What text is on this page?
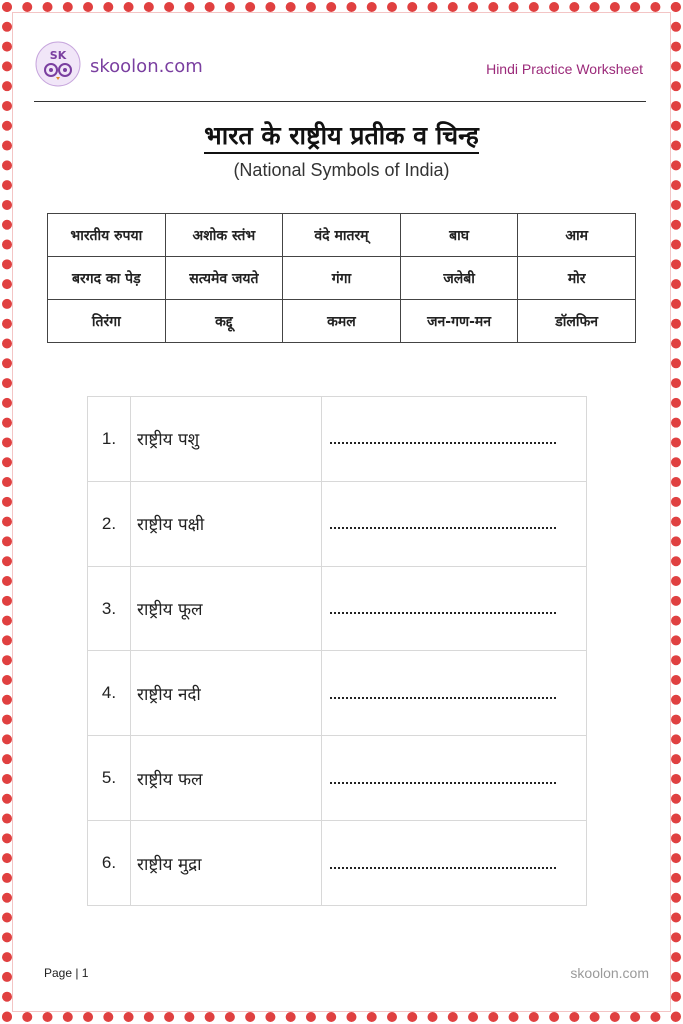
SK
skoolon.com	Hindi Practice Worksheet
भारत के राष्ट्रीय प्रतीक व चिन्ह
(National Symbols of India)
भारतीय रुपया	अशोक स्तंभ	वंदे मातरम्	बाघ	आम
बरगद का पेड़	सत्यमेव जयते	गंगा	जलेबी	मोर
तिरंगा	कद्दू	कमल	जन-गण-मन	डॉलफिन
1.	राष्ट्रीय पशु	
2.	राष्ट्रीय पक्षी	
3.	राष्ट्रीय फूल	
4.	राष्ट्रीय नदी	
5.	राष्ट्रीय फल	
6.	राष्ट्रीय मुद्रा	
Page | 1	skoolon.com
